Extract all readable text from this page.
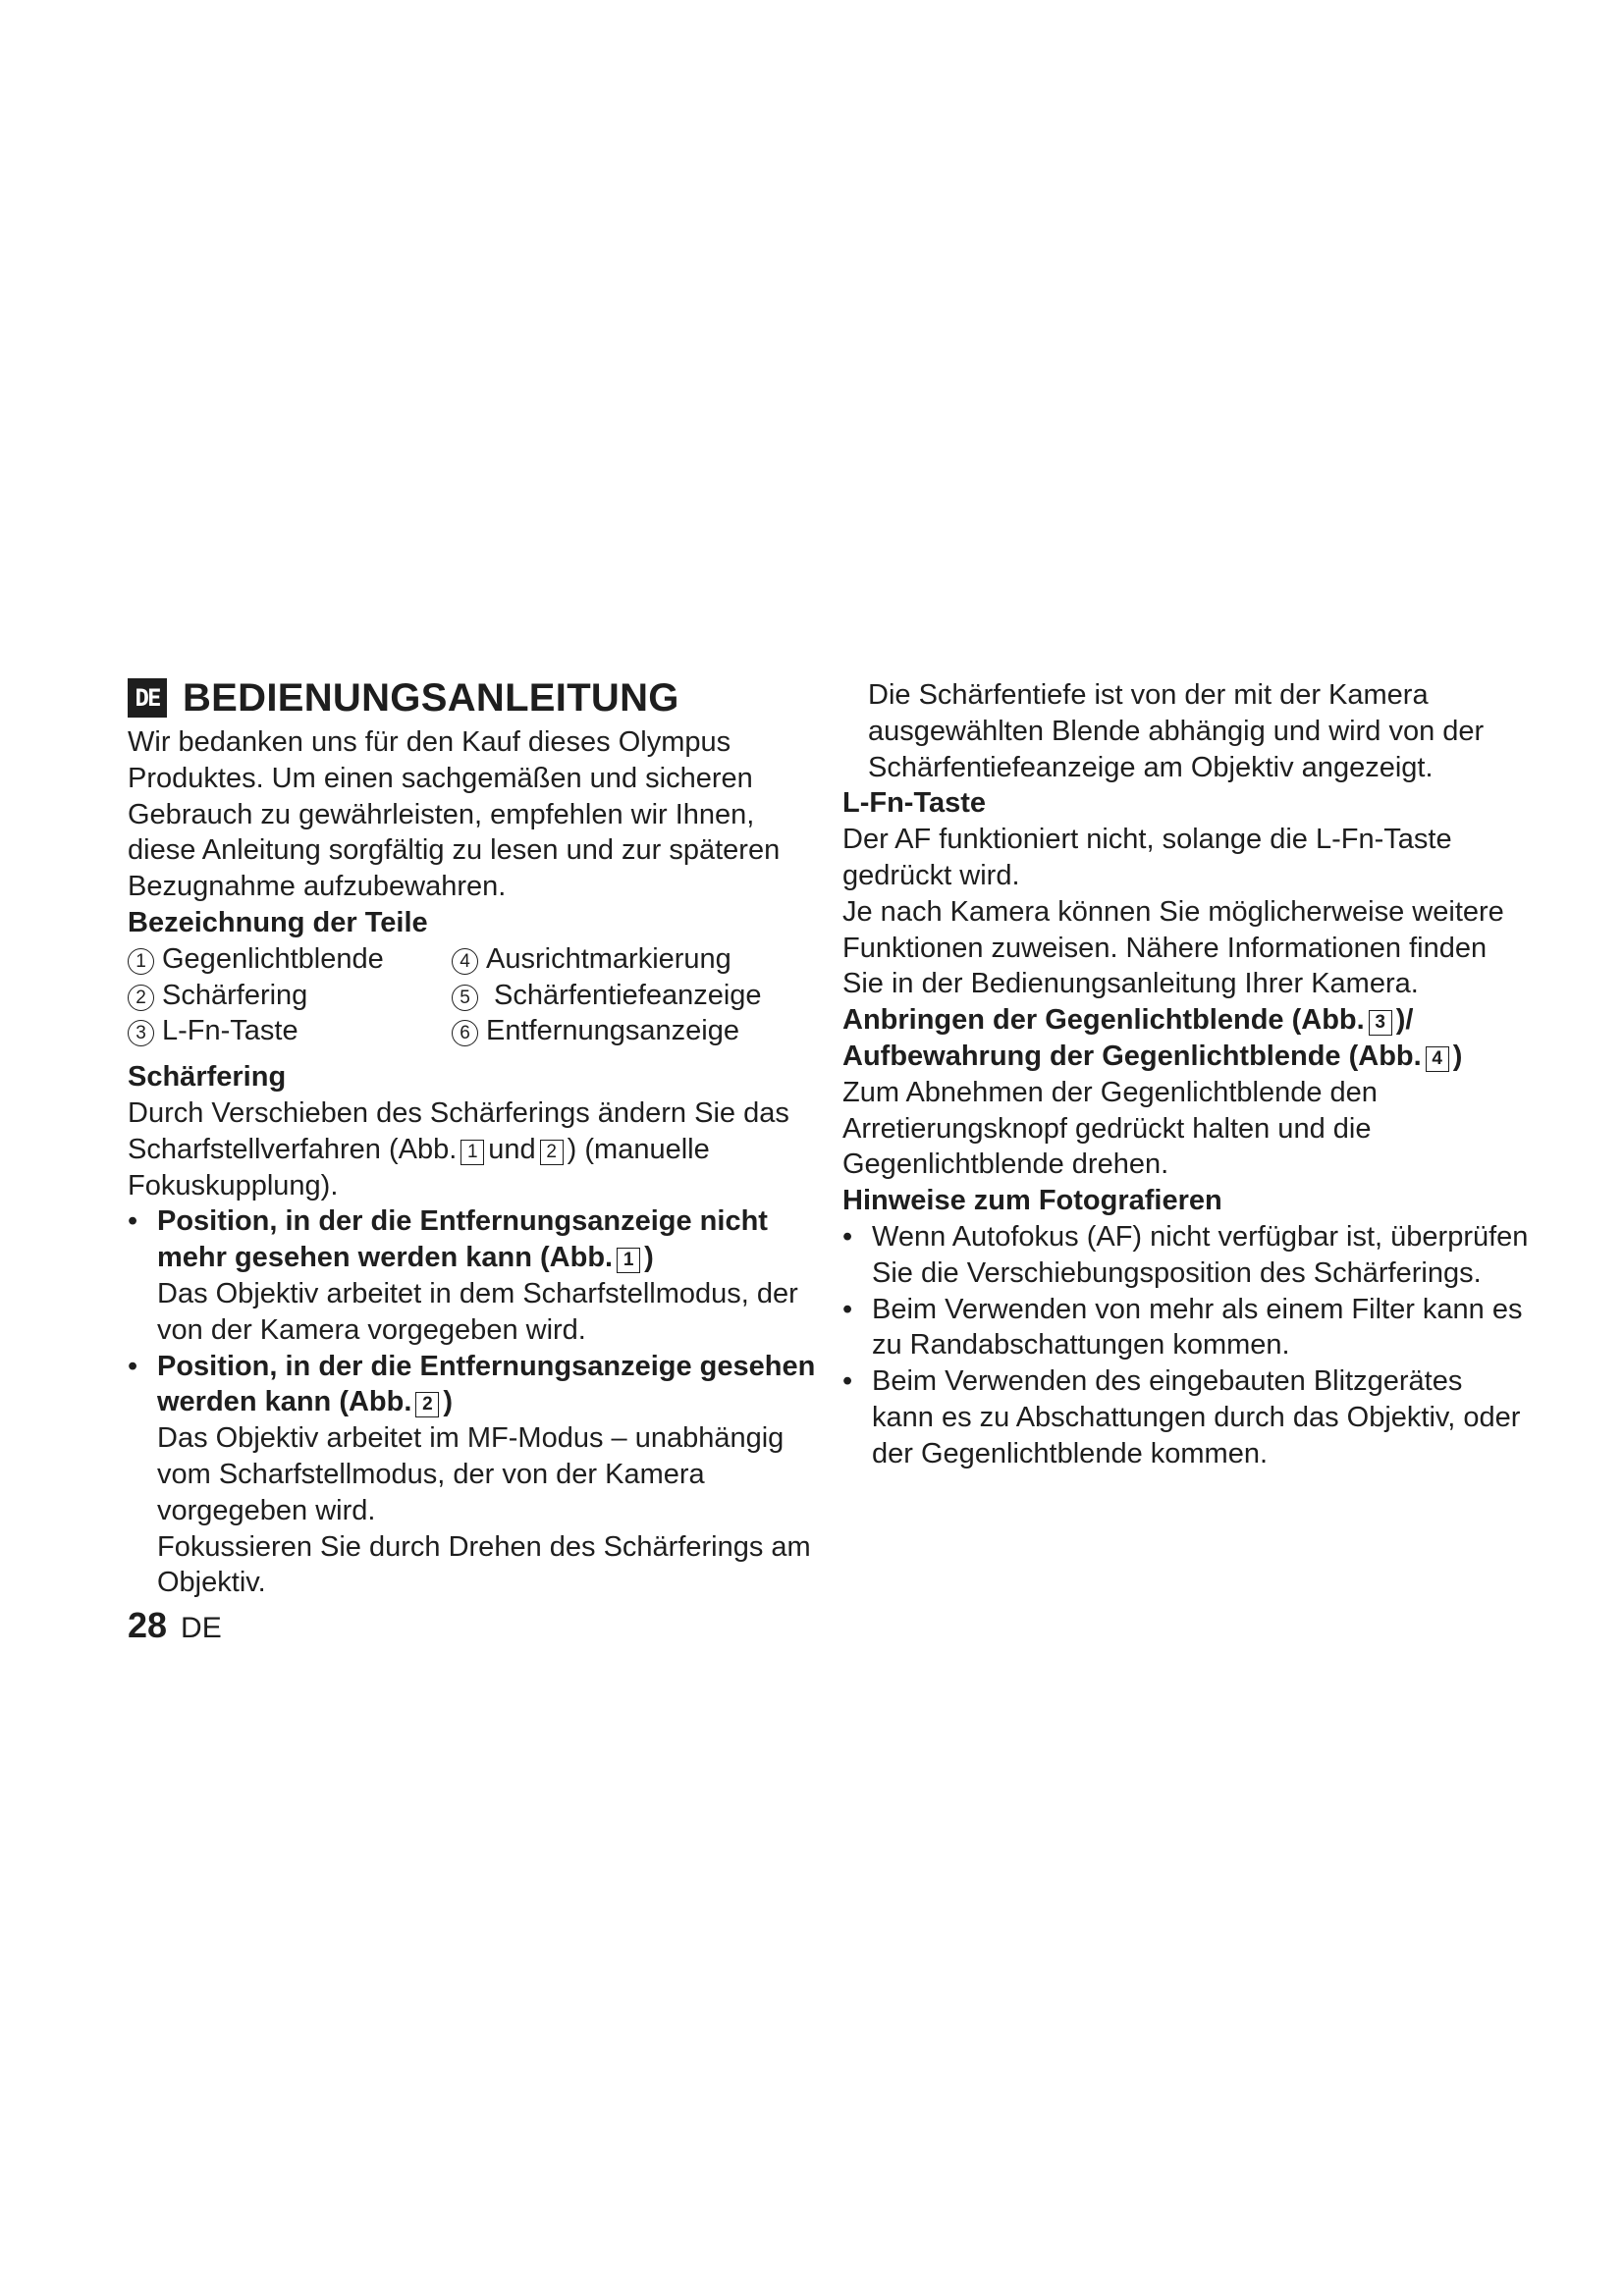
DE BEDIENUNGSANLEITUNG

Wir bedanken uns für den Kauf dieses Olympus Produktes. Um einen sachgemäßen und sicheren Gebrauch zu gewährleisten, empfehlen wir Ihnen, diese Anleitung sorgfältig zu lesen und zur späteren Bezugnahme aufzubewahren.

Bezeichnung der Teile

1 Gegenlichtblende	4 Ausrichtmarkierung
2 Schärfering	5 Schärfentiefeanzeige
3 L-Fn-Taste	6 Entfernungsanzeige

Schärfering

Durch Verschieben des Schärferings ändern Sie das Scharfstellverfahren (Abb. 1 und 2 ) (manuelle Fokuskupplung).

• Position, in der die Entfernungsanzeige nicht mehr gesehen werden kann (Abb. 1 )
Das Objektiv arbeitet in dem Scharfstellmodus, der von der Kamera vorgegeben wird.
• Position, in der die Entfernungsanzeige gesehen werden kann (Abb. 2 )
Das Objektiv arbeitet im MF-Modus – unabhängig vom Scharfstellmodus, der von der Kamera vorgegeben wird.
Fokussieren Sie durch Drehen des Schärferings am Objektiv.

Die Schärfentiefe ist von der mit der Kamera ausgewählten Blende abhängig und wird von der Schärfentiefeanzeige am Objektiv angezeigt.

L-Fn-Taste

Der AF funktioniert nicht, solange die L-Fn-Taste gedrückt wird.

Je nach Kamera können Sie möglicherweise weitere Funktionen zuweisen. Nähere Informationen finden Sie in der Bedienungsanleitung Ihrer Kamera.

Anbringen der Gegenlichtblende (Abb. 3 )/
Aufbewahrung der Gegenlichtblende (Abb. 4 )

Zum Abnehmen der Gegenlichtblende den Arretierungsknopf gedrückt halten und die Gegenlichtblende drehen.

Hinweise zum Fotografieren

• Wenn Autofokus (AF) nicht verfügbar ist, überprüfen Sie die Verschiebungsposition des Schärferings.
• Beim Verwenden von mehr als einem Filter kann es zu Randabschattungen kommen.
• Beim Verwenden des eingebauten Blitzgerätes kann es zu Abschattungen durch das Objektiv, oder der Gegenlichtblende kommen.
28 DE
